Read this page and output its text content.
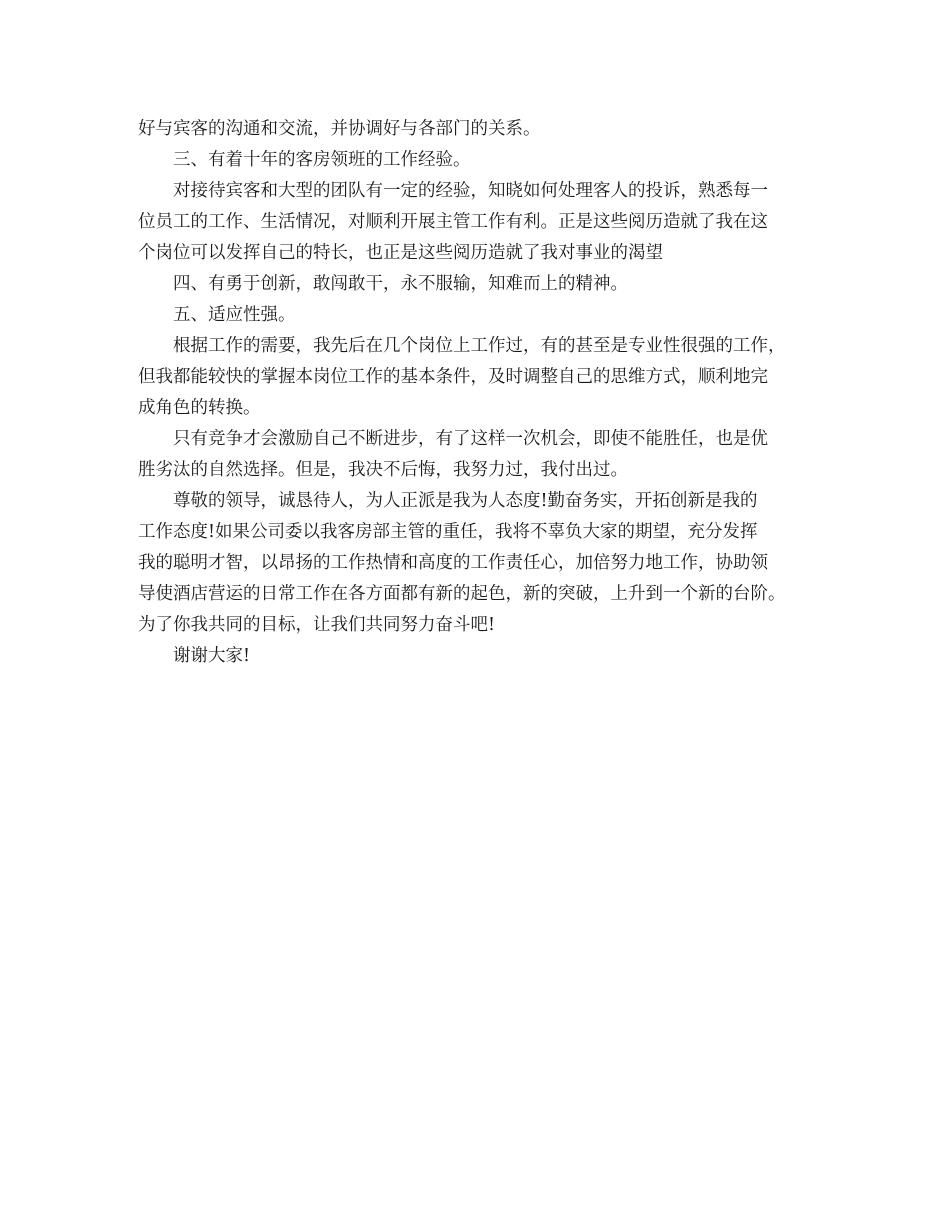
好与宾客的沟通和交流，并协调好与各部门的关系。
三、有着十年的客房领班的工作经验。
对接待宾客和大型的团队有一定的经验，知晓如何处理客人的投诉，熟悉每一
位员工的工作、生活情况，对顺利开展主管工作有利。正是这些阅历造就了我在这
个岗位可以发挥自己的特长，也正是这些阅历造就了我对事业的渴望
四、有勇于创新，敢闯敢干，永不服输，知难而上的精神。
五、适应性强。
根据工作的需要，我先后在几个岗位上工作过，有的甚至是专业性很强的工作，
但我都能较快的掌握本岗位工作的基本条件，及时调整自己的思维方式，顺利地完
成角色的转换。
只有竞争才会激励自己不断进步，有了这样一次机会，即使不能胜任，也是优
胜劣汰的自然选择。但是，我决不后悔，我努力过，我付出过。
尊敬的领导，诚恳待人，为人正派是我为人态度!勤奋务实，开拓创新是我的
工作态度!如果公司委以我客房部主管的重任，我将不辜负大家的期望，充分发挥
我的聪明才智，以昂扬的工作热情和高度的工作责任心，加倍努力地工作，协助领
导使酒店营运的日常工作在各方面都有新的起色，新的突破，上升到一个新的台阶。
为了你我共同的目标，让我们共同努力奋斗吧!
谢谢大家!
